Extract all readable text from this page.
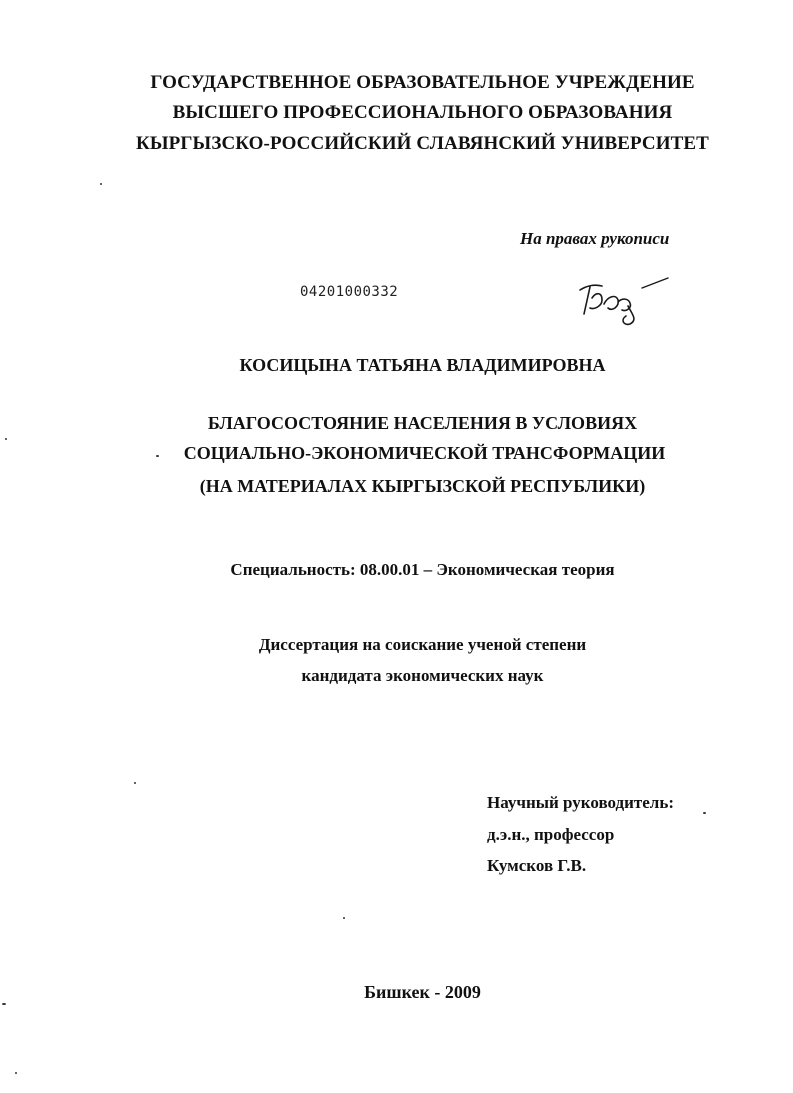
ГОСУДАРСТВЕННОЕ ОБРАЗОВАТЕЛЬНОЕ УЧРЕЖДЕНИЕ
ВЫСШЕГО ПРОФЕССИОНАЛЬНОГО ОБРАЗОВАНИЯ
КЫРГЫЗСКО-РОССИЙСКИЙ СЛАВЯНСКИЙ УНИВЕРСИТЕТ
На правах рукописи
04201000332
КОСИЦЫНА ТАТЬЯНА ВЛАДИМИРОВНА
БЛАГОСОСТОЯНИЕ НАСЕЛЕНИЯ В УСЛОВИЯХ
СОЦИАЛЬНО-ЭКОНОМИЧЕСКОЙ ТРАНСФОРМАЦИИ
(НА МАТЕРИАЛАХ КЫРГЫЗСКОЙ РЕСПУБЛИКИ)
Специальность: 08.00.01 – Экономическая теория
Диссертация на соискание ученой степени
кандидата экономических наук
Научный руководитель:
д.э.н., профессор
Кумсков Г.В.
Бишкек - 2009
